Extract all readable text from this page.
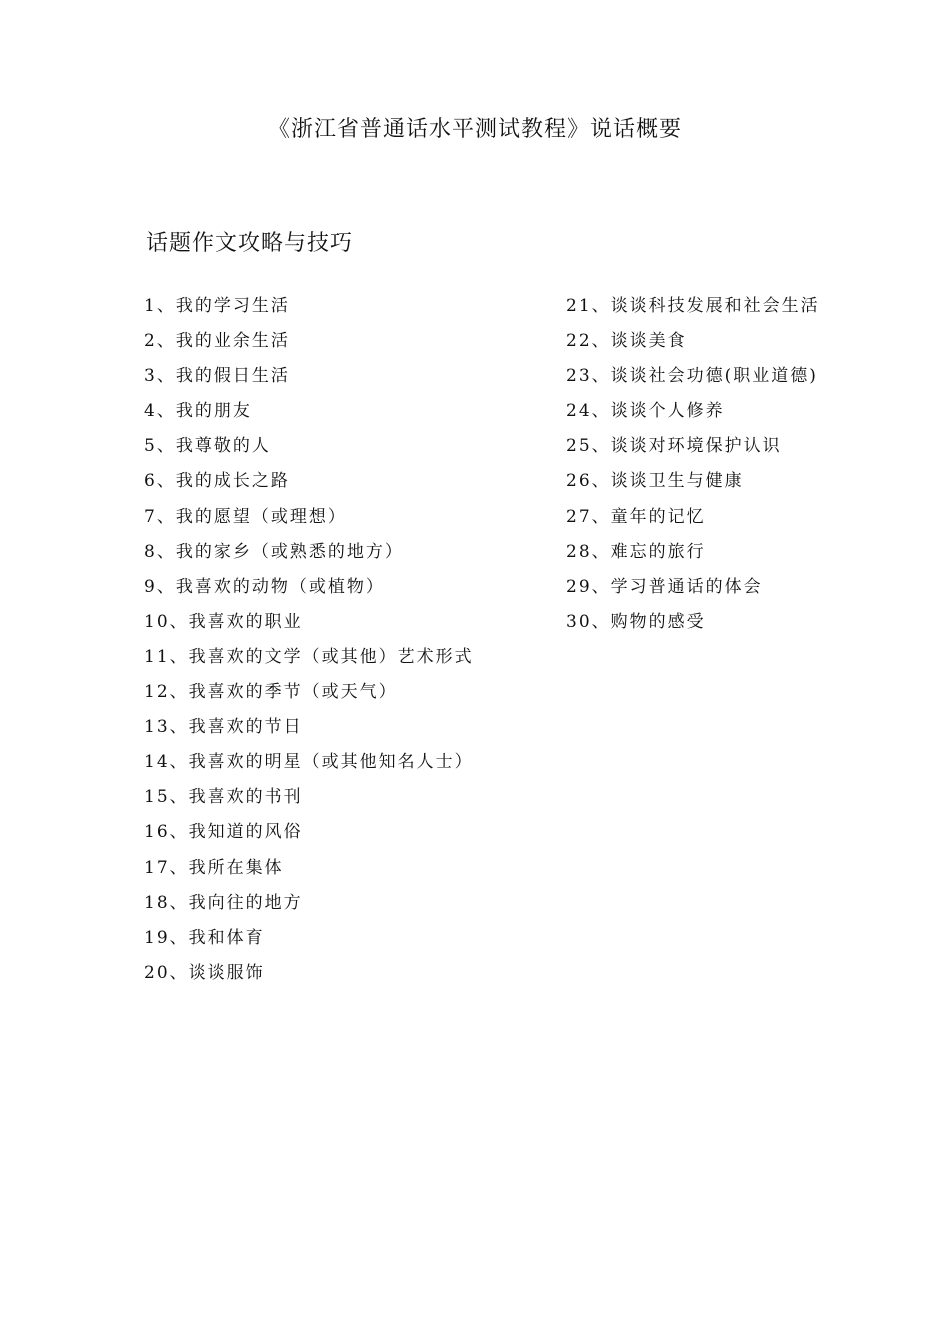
《浙江省普通话水平测试教程》说话概要
话题作文攻略与技巧
1、我的学习生活
2、我的业余生活
3、我的假日生活
4、我的朋友
5、我尊敬的人
6、我的成长之路
7、我的愿望（或理想）
8、我的家乡（或熟悉的地方）
9、我喜欢的动物（或植物）
10、我喜欢的职业
11、我喜欢的文学（或其他）艺术形式
12、我喜欢的季节（或天气）
13、我喜欢的节日
14、我喜欢的明星（或其他知名人士）
15、我喜欢的书刊
16、我知道的风俗
17、我所在集体
18、我向往的地方
19、我和体育
20、谈谈服饰
21、谈谈科技发展和社会生活
22、谈谈美食
23、谈谈社会功德(职业道德)
24、谈谈个人修养
25、谈谈对环境保护认识
26、谈谈卫生与健康
27、童年的记忆
28、难忘的旅行
29、学习普通话的体会
30、购物的感受
